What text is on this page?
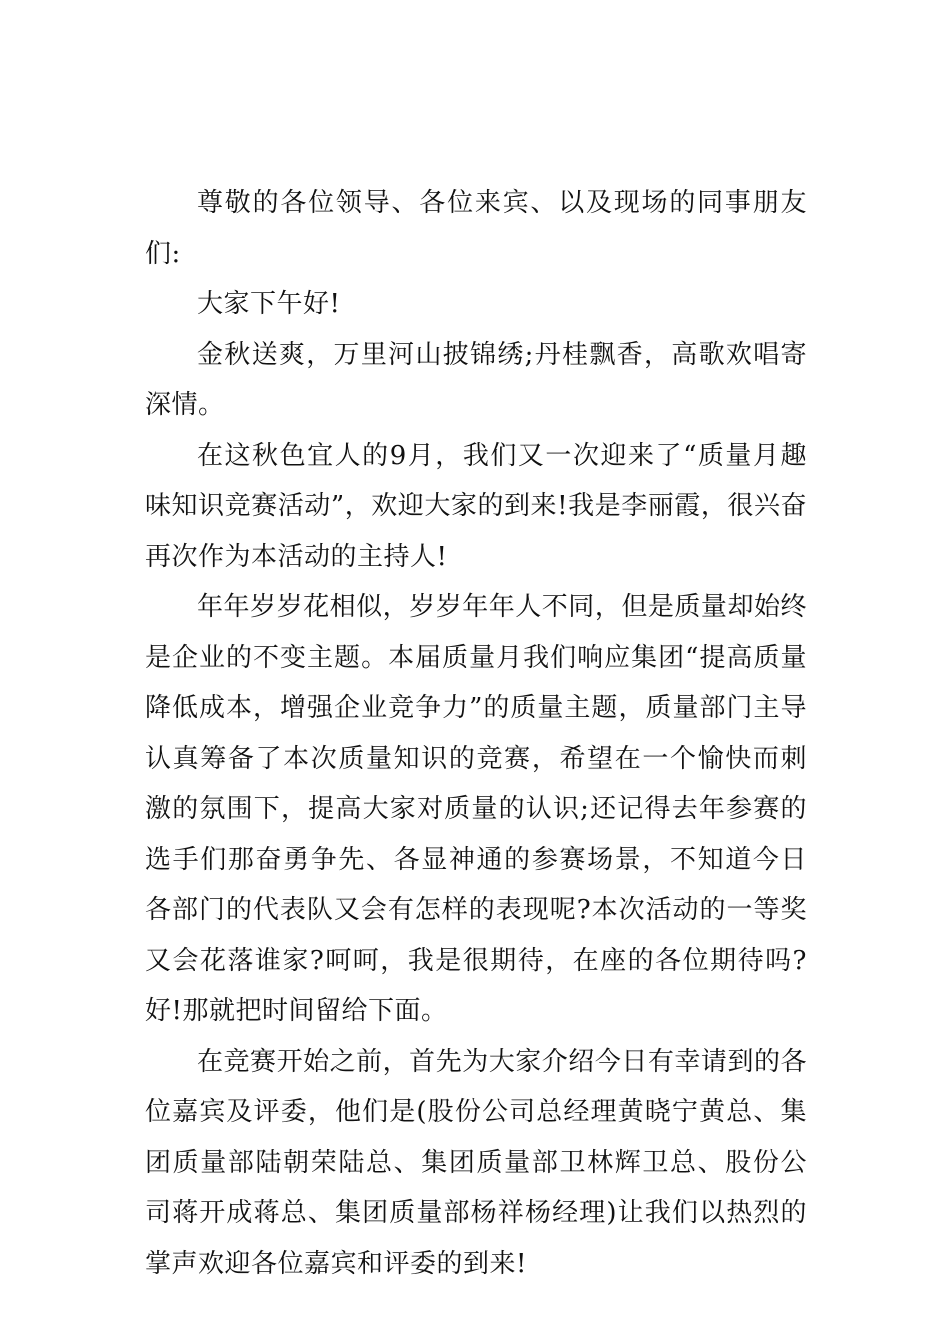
尊敬的各位领导、各位来宾、以及现场的同事朋友们:

大家下午好!

金秋送爽，万里河山披锦绣;丹桂飘香，高歌欢唱寄深情。

在这秋色宜人的9月，我们又一次迎来了“质量月趣味知识竞赛活动”，欢迎大家的到来!我是李丽霞，很兴奋再次作为本活动的主持人!

年年岁岁花相似，岁岁年年人不同，但是质量却始终是企业的不变主题。本届质量月我们响应集团“提高质量降低成本，增强企业竞争力”的质量主题，质量部门主导认真筹备了本次质量知识的竞赛，希望在一个愉快而刺激的氛围下，提高大家对质量的认识;还记得去年参赛的选手们那奋勇争先、各显神通的参赛场景，不知道今日各部门的代表队又会有怎样的表现呢?本次活动的一等奖又会花落谁家?呵呵，我是很期待，在座的各位期待吗?好!那就把时间留给下面。

在竞赛开始之前，首先为大家介绍今日有幸请到的各位嘉宾及评委，他们是(股份公司总经理黄晓宁黄总、集团质量部陆朝荣陆总、集团质量部卫林辉卫总、股份公司蒋开成蒋总、集团质量部杨祥杨经理)让我们以热烈的掌声欢迎各位嘉宾和评委的到来!
